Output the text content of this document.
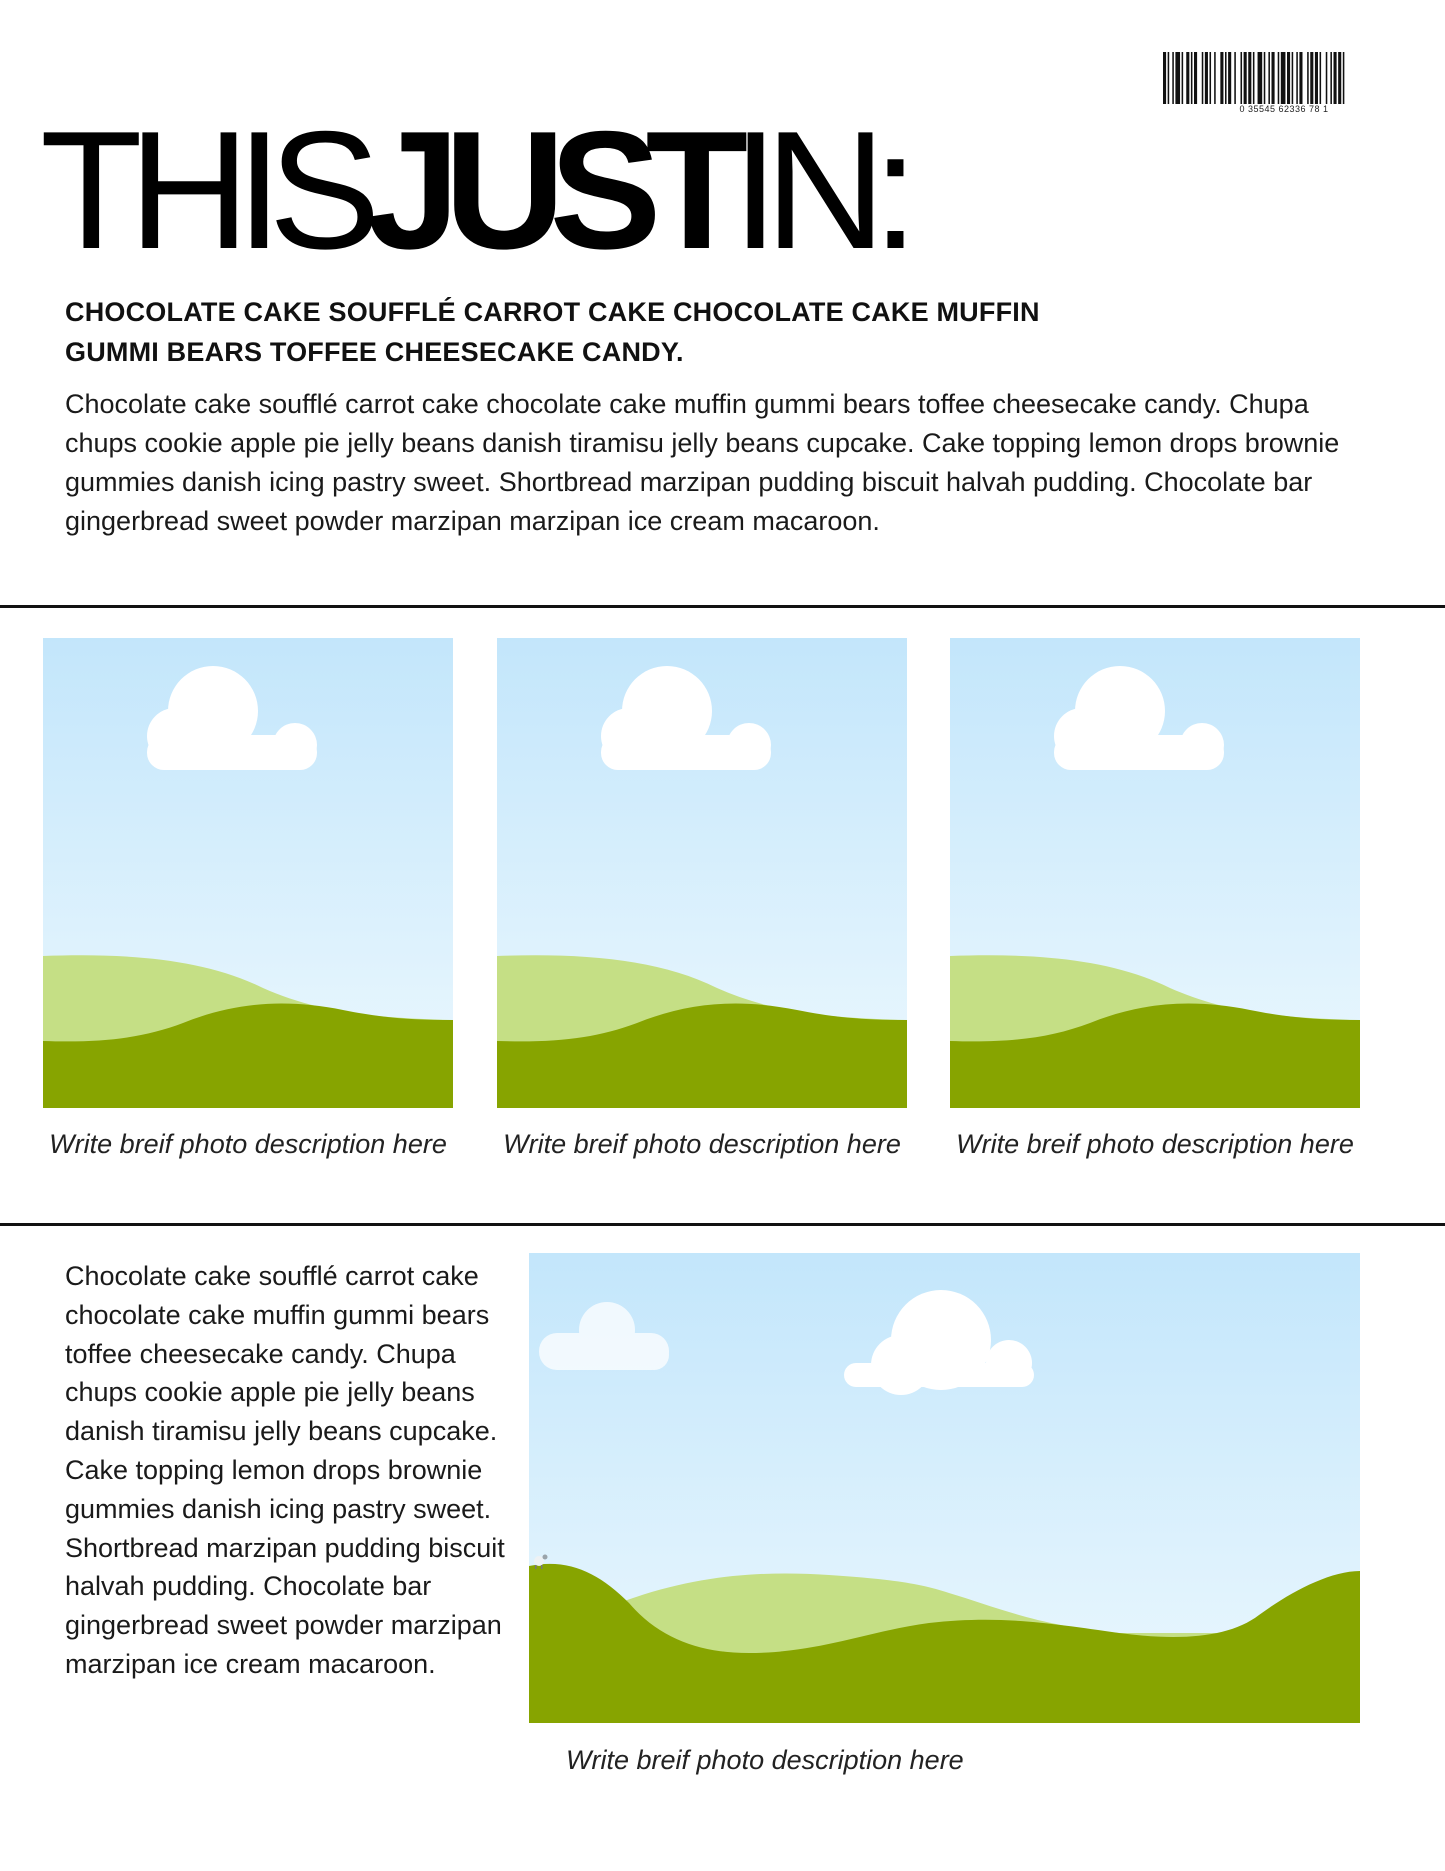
0 35545 62336 78 1
THISJUSTIN:
CHOCOLATE CAKE SOUFFLÉ CARROT CAKE CHOCOLATE CAKE MUFFIN GUMMI BEARS TOFFEE CHEESECAKE CANDY.
Chocolate cake soufflé carrot cake chocolate cake muffin gummi bears toffee cheesecake candy. Chupa chups cookie apple pie jelly beans danish tiramisu jelly beans cupcake. Cake topping lemon drops brownie gummies danish icing pastry sweet. Shortbread marzipan pudding biscuit halvah pudding. Chocolate bar gingerbread sweet powder marzipan marzipan ice cream macaroon.
Write breif photo description here Write breif photo description here Write breif photo description here
Chocolate cake soufflé carrot cake chocolate cake muffin gummi bears toffee cheesecake candy. Chupa chups cookie apple pie jelly beans danish tiramisu jelly beans cupcake. Cake topping lemon drops brownie gummies danish icing pastry sweet. Shortbread marzipan pudding biscuit halvah pudding. Chocolate bar gingerbread sweet powder marzipan marzipan ice cream macaroon.
Write breif photo description here
